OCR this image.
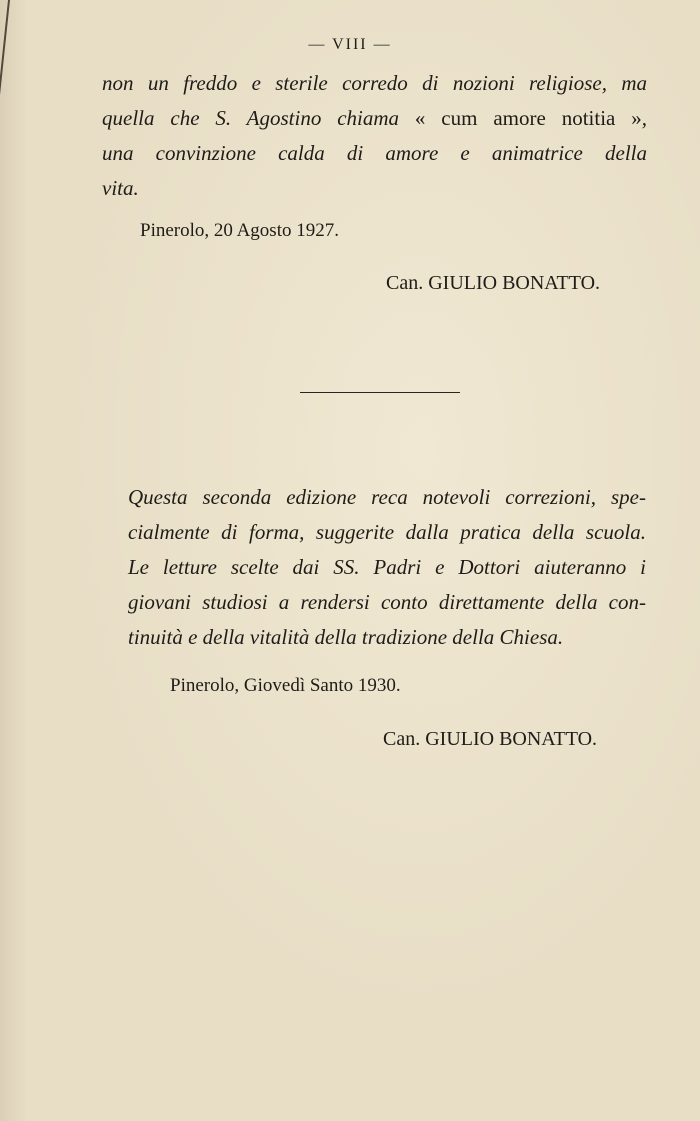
— VIII —
non un freddo e sterile corredo di nozioni religiose, ma
quella che S. Agostino chiama « cum amore notitia »,
una convinzione calda di amore e animatrice della
vita.
Pinerolo, 20 Agosto 1927.
Can. GIULIO BONATTO.
Questa seconda edizione reca notevoli correzioni, spe-
cialmente di forma, suggerite dalla pratica della scuola.
Le letture scelte dai SS. Padri e Dottori aiuteranno i
giovani studiosi a rendersi conto direttamente della con-
tinuità e della vitalità della tradizione della Chiesa.
Pinerolo, Giovedì Santo 1930.
Can. GIULIO BONATTO.
